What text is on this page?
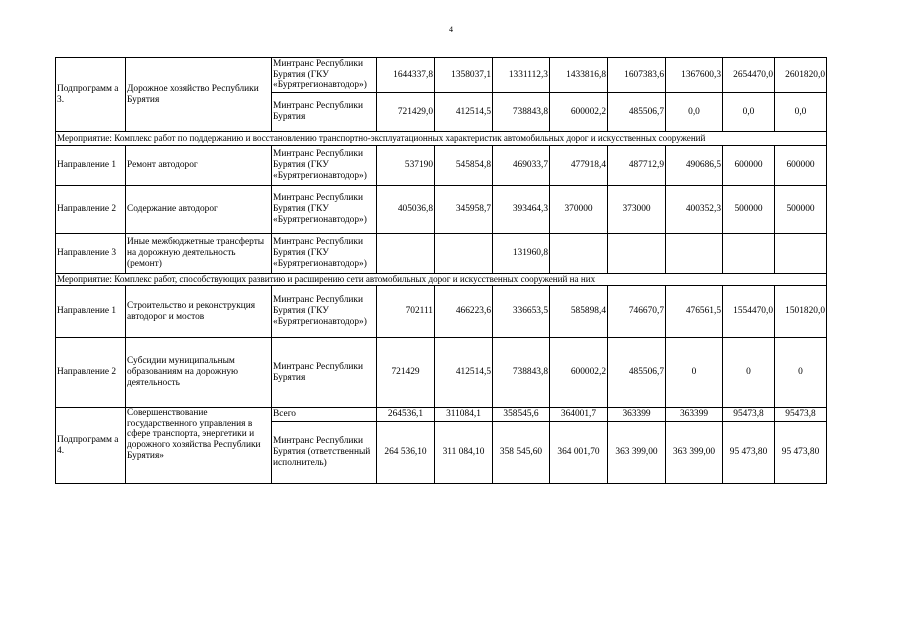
4
Подпрограмм а 3.	Дорожное хозяйство Республики Бурятия	Минтранс Республики Бурятия (ГКУ «Бурятрегионавтодор»)	1644337,8	1358037,1	1331112,3	1433816,8	1607383,6	1367600,3	2654470,0	2601820,0
		Минтранс Республики Бурятия	721429,0	412514,5	738843,8	600002,2	485506,7	0,0	0,0	0,0
Мероприятие: Комплекс работ по поддержанию и восстановлению транспортно-эксплуатационных характеристик автомобильных дорог и искусственных сооружений										
Направление 1	Ремонт автодорог	Минтранс Республики Бурятия (ГКУ «Бурятрегионавтодор»)	537190	545854,8	469033,7	477918,4	487712,9	490686,5	600000	600000
Направление 2	Содержание автодорог	Минтранс Республики Бурятия (ГКУ «Бурятрегионавтодор»)	405036,8	345958,7	393464,3	370000	373000	400352,3	500000	500000
Направление 3	Иные межбюджетные трансферты на дорожную деятельность (ремонт)	Минтранс Республики Бурятия (ГКУ «Бурятрегионавтодор»)			131960,8					
Мероприятие: Комплекс работ, способствующих развитию и расширению сети автомобильных дорог и искусственных сооружений на них										
Направление 1	Строительство и реконструкция автодорог и мостов	Минтранс Республики Бурятия (ГКУ «Бурятрегионавтодор»)	702111	466223,6	336653,5	585898,4	746670,7	476561,5	1554470,0	1501820,0
Направление 2	Субсидии муниципальным образованиям на дорожную деятельность	Минтранс Республики Бурятия	721429	412514,5	738843,8	600002,2	485506,7	0	0	0
Подпрограмм а 4.	Совершенствование государственного управления в сфере транспорта, энергетики и дорожного хозяйства Республики Бурятия»	Всего	264536,1	311084,1	358545,6	364001,7	363399	363399	95473,8	95473,8
		Минтранс Республики Бурятия (ответственный исполнитель)	264 536,10	311 084,10	358 545,60	364 001,70	363 399,00	363 399,00	95 473,80	95 473,80
